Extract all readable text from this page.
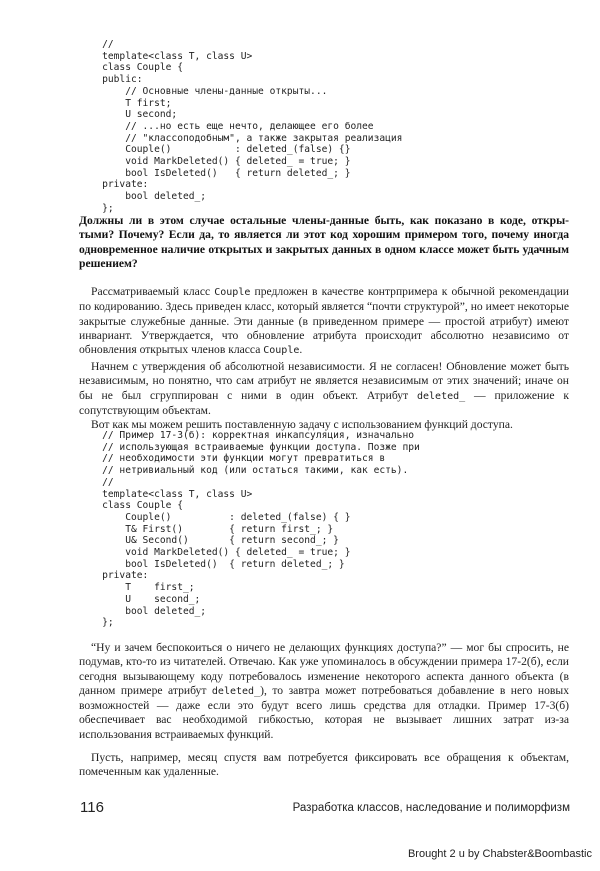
//
template<class T, class U>
class Couple {
public:
// Основные члены-данные открыты...
T first;
U second;
// ...но есть еще нечто, делающее его более
// "классоподобным", а также закрытая реализация
Couple()           : deleted_(false) {}
void MarkDeleted() { deleted_ = true; }
bool IsDeleted()   { return deleted_; }
private:
bool deleted_;
};

Должны ли в этом случае остальные члены-данные быть, как показано в коде, откры-тыми? Почему? Если да, то является ли этот код хорошим примером того, почему иногда одновременное наличие открытых и закрытых данных в одном классе может быть удачным решением?

Рассматриваемый класс Couple предложен в качестве контрпримера к обычной рекомендации по кодированию. Здесь приведен класс, который является “почти структурой”, но имеет некоторые закрытые служебные данные. Эти данные (в приведенном примере — простой атрибут) имеют инвариант. Утверждается, что обновление атрибута происходит абсолютно независимо от обновления открытых членов класса Couple.

Начнем с утверждения об абсолютной независимости. Я не согласен! Обновление может быть независимым, но понятно, что сам атрибут не является независимым от этих значений; иначе он бы не был сгруппирован с ними в один объект. Атрибут deleted_ — приложение к сопутствующим объектам.

Вот как мы можем решить поставленную задачу с использованием функций доступа.

// Пример 17-3(б): корректная инкапсуляция, изначально
// использующая встраиваемые функции доступа. Позже при
// необходимости эти функции могут превратиться в
// нетривиальный код (или остаться такими, как есть).
//
template<class T, class U>
class Couple {
Couple()          : deleted_(false) { }
T& First()        { return first_; }
U& Second()       { return second_; }
void MarkDeleted() { deleted_ = true; }
bool IsDeleted()  { return deleted_; }
private:
T    first_;
U    second_;
bool deleted_;
};

“Ну и зачем беспокоиться о ничего не делающих функциях доступа?” — мог бы спросить, не подумав, кто-то из читателей. Отвечаю. Как уже упоминалось в обсуждении примера 17-2(б), если сегодня вызывающему коду потребовалось изменение некоторого аспекта данного объекта (в данном примере атрибут deleted_), то завтра может потребоваться добавление в него новых возможностей — даже если это будут всего лишь средства для отладки. Пример 17-3(б) обеспечивает вас необходимой гибкостью, которая не вызывает лишних затрат из-за использования встраиваемых функций.

Пусть, например, месяц спустя вам потребуется фиксировать все обращения к объектам, помеченным как удаленные.

116	Разработка классов, наследование и полиморфизм
Brought 2 u by Chabster&Boombastic
